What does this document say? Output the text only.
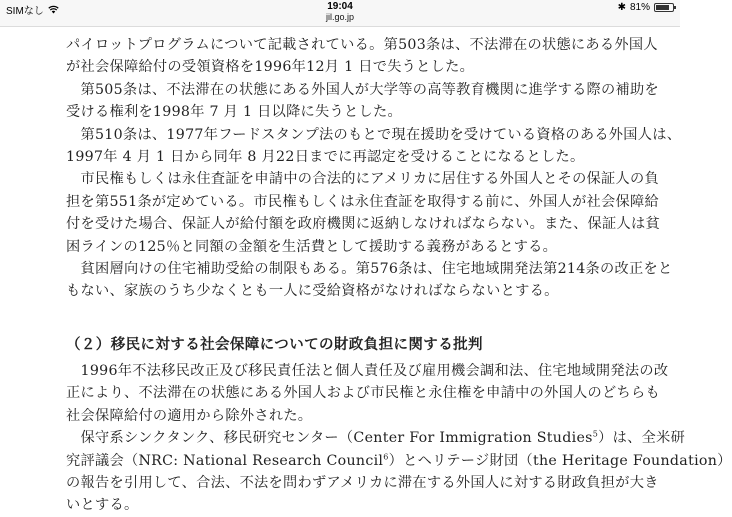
SIMなし	19:04
jil.go.jp
✱ 81%

パイロットプログラムについて記載されている。第503条は、不法滞在の状態にある外国人

が社会保障給付の受領資格を1996年12月 1 日で失うとした。

　第505条は、不法滞在の状態にある外国人が大学等の高等教育機関に進学する際の補助を

受ける権利を1998年 7 月 1 日以降に失うとした。

　第510条は、1977年フードスタンプ法のもとで現在援助を受けている資格のある外国人は、

1997年 4 月 1 日から同年 8 月22日までに再認定を受けることになるとした。

　市民権もしくは永住査証を申請中の合法的にアメリカに居住する外国人とその保証人の負

担を第551条が定めている。市民権もしくは永住査証を取得する前に、外国人が社会保障給

付を受けた場合、保証人が給付額を政府機関に返納しなければならない。また、保証人は貧

困ラインの125％と同額の金額を生活費として援助する義務があるとする。

　貧困層向けの住宅補助受給の制限もある。第576条は、住宅地域開発法第214条の改正をと

もない、家族のうち少なくとも一人に受給資格がなければならないとする。

（２）移民に対する社会保障についての財政負担に関する批判

　1996年不法移民改正及び移民責任法と個人責任及び雇用機会調和法、住宅地域開発法の改

正により、不法滞在の状態にある外国人および市民権と永住権を申請中の外国人のどちらも

社会保障給付の適用から除外された。

　保守系シンクタンク、移民研究センター（Center For Immigration Studies$^5$）は、全米研

究評議会（NRC: National Research Council$^6$）とヘリテージ財団（the Heritage Foundation）

の報告を引用して、合法、不法を問わずアメリカに滞在する外国人に対する財政負担が大き

いとする。
